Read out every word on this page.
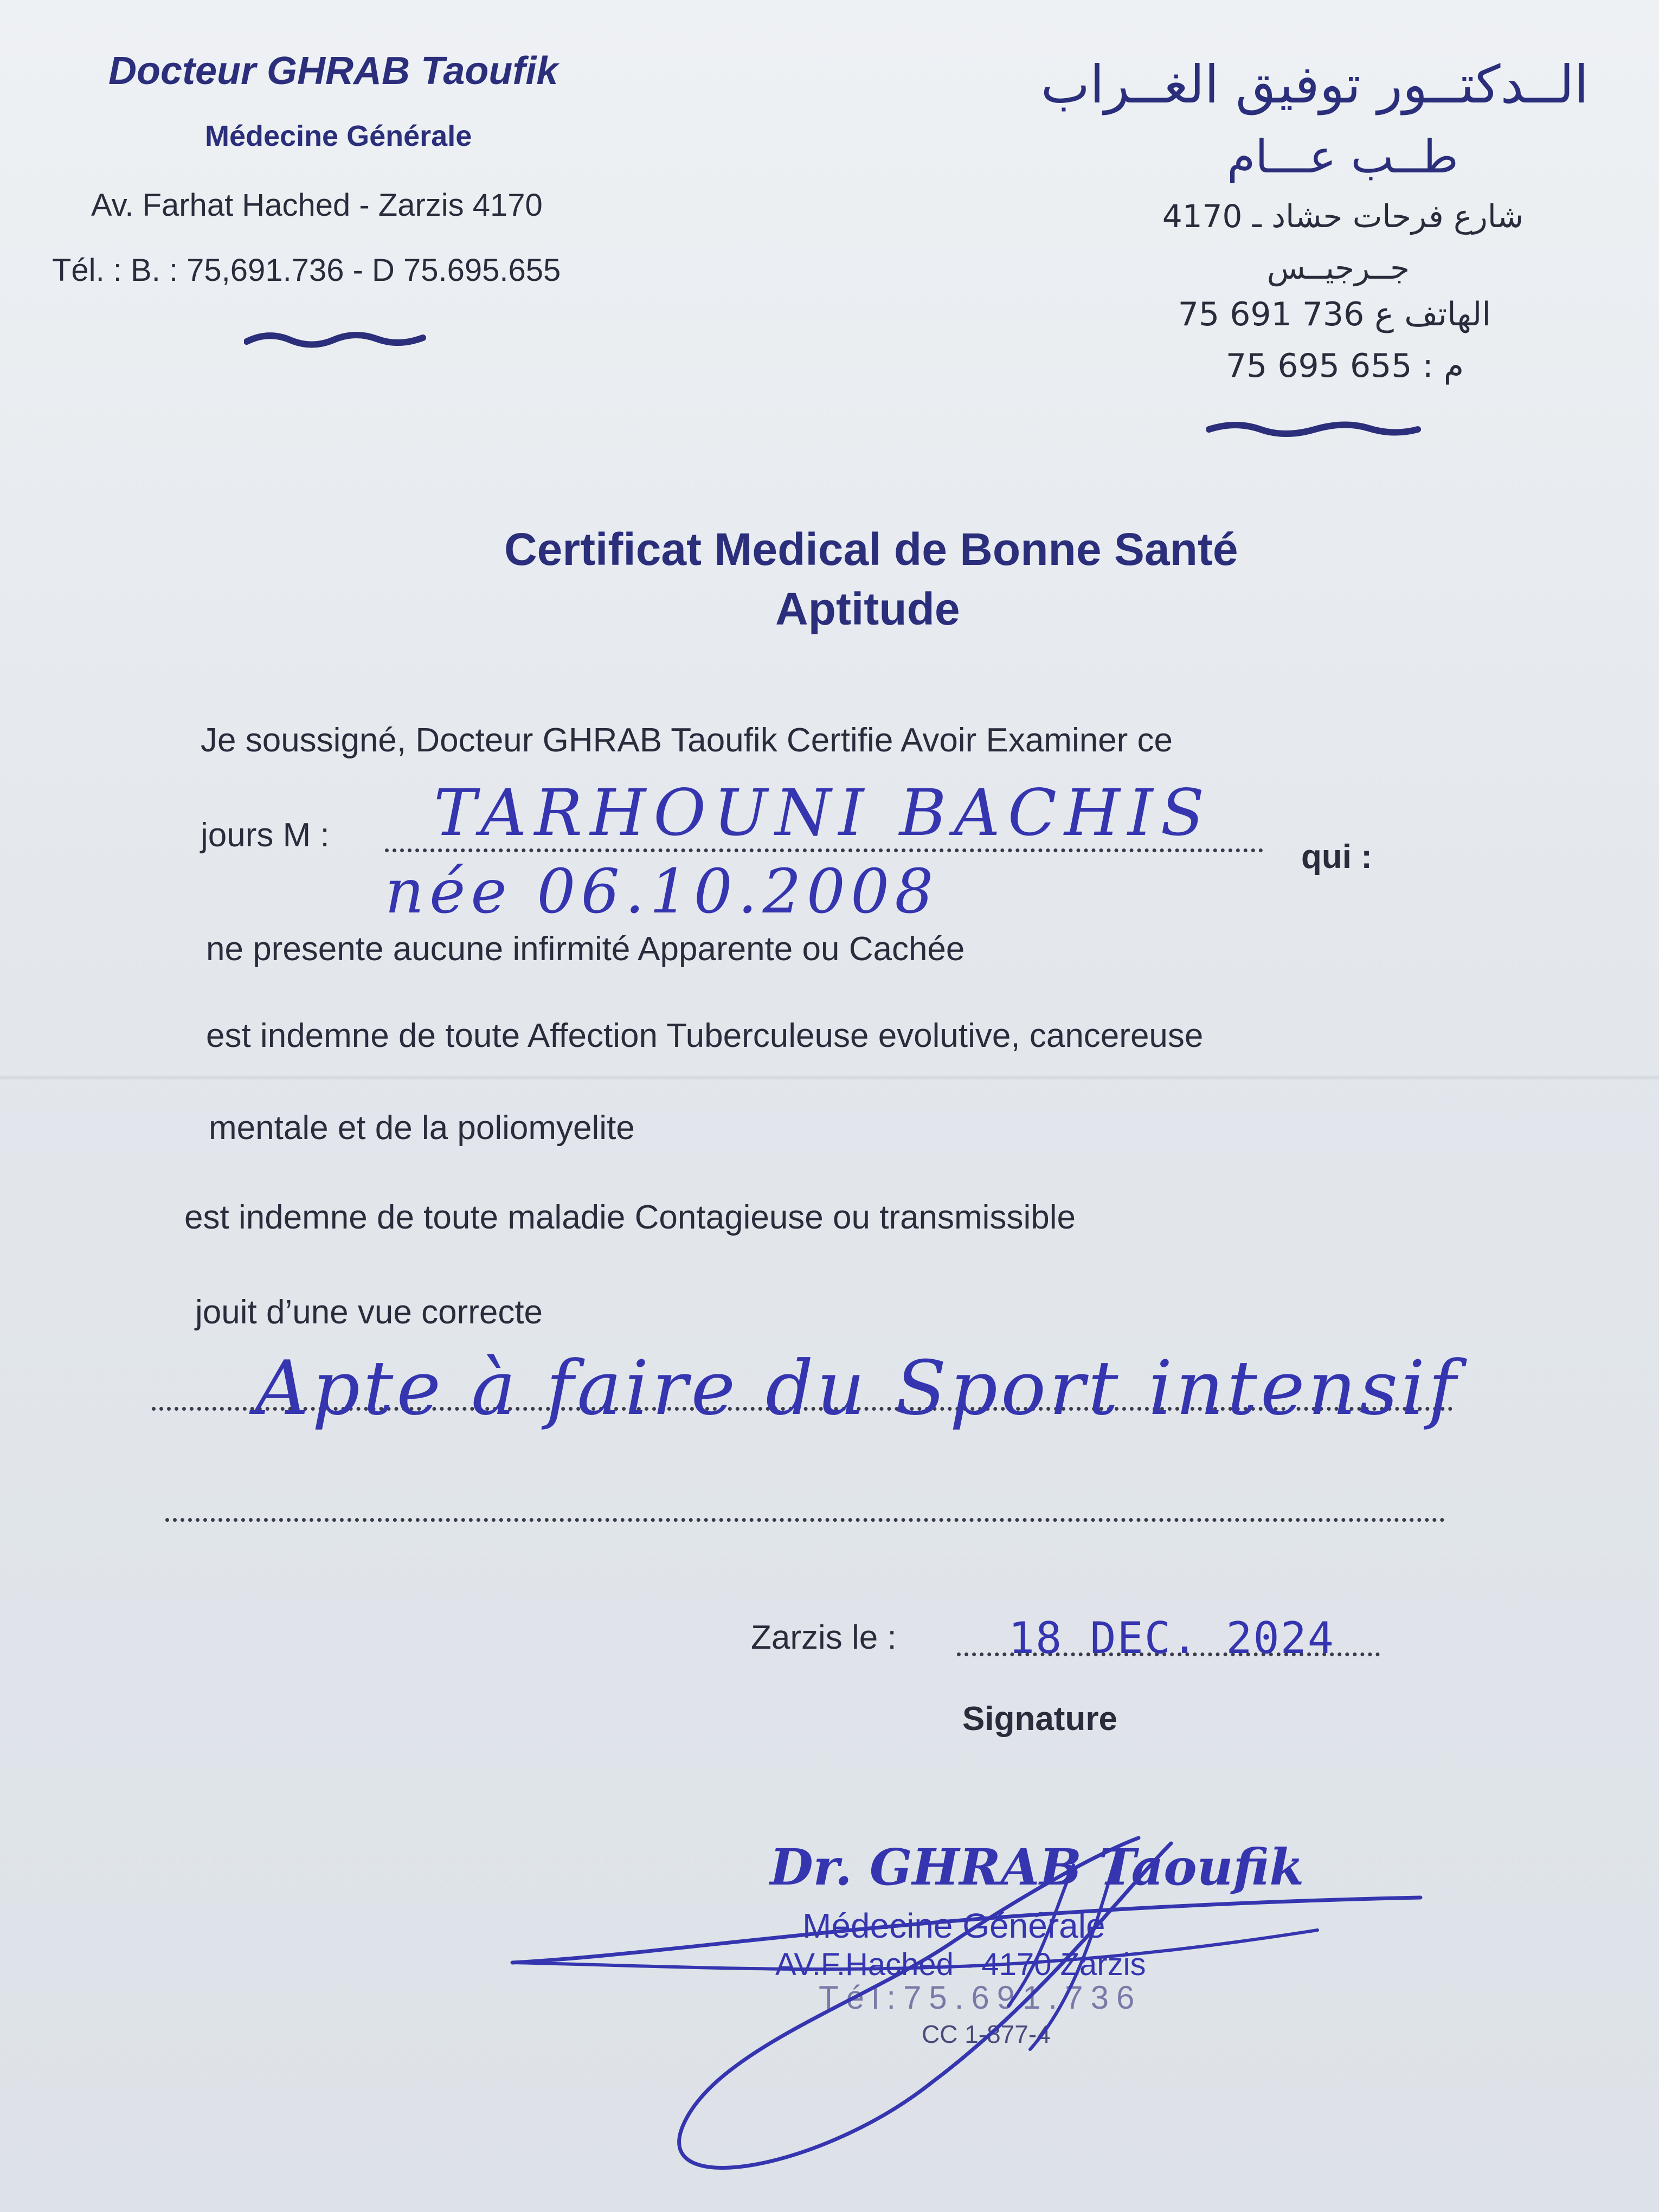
Docteur GHRAB Taoufik
Médecine Générale
Av. Farhat Hached - Zarzis 4170
Tél. : B. : 75,691.736 - D 75.695.655
الــدكتــور توفيق الغــراب
طــب عـــام
شارع فرحات حشاد ـ 4170
جــرجيــس
الهاتف ع 736 691 75
م : 655 695 75
Certificat Medical de Bonne Santé
Aptitude
Je soussigné, Docteur GHRAB Taoufik Certifie Avoir Examiner ce
jours M : TARHOUNI BACHIS
qui :
née 06.10.2008
ne presente aucune infirmité Apparente ou Cachée
est indemne de toute Affection Tuberculeuse evolutive, cancereuse
mentale et de la poliomyelite
est indemne de toute maladie Contagieuse ou transmissible
jouit d’une vue correcte
Apte à faire du Sport intensif
Zarzis le :	18 DEC. 2024
Signature
Dr. GHRAB Taoufik
Médecine Générale
AV.F.Hached - 4170 Zarzis
Tél:75.691.736
CC 1-877-4
